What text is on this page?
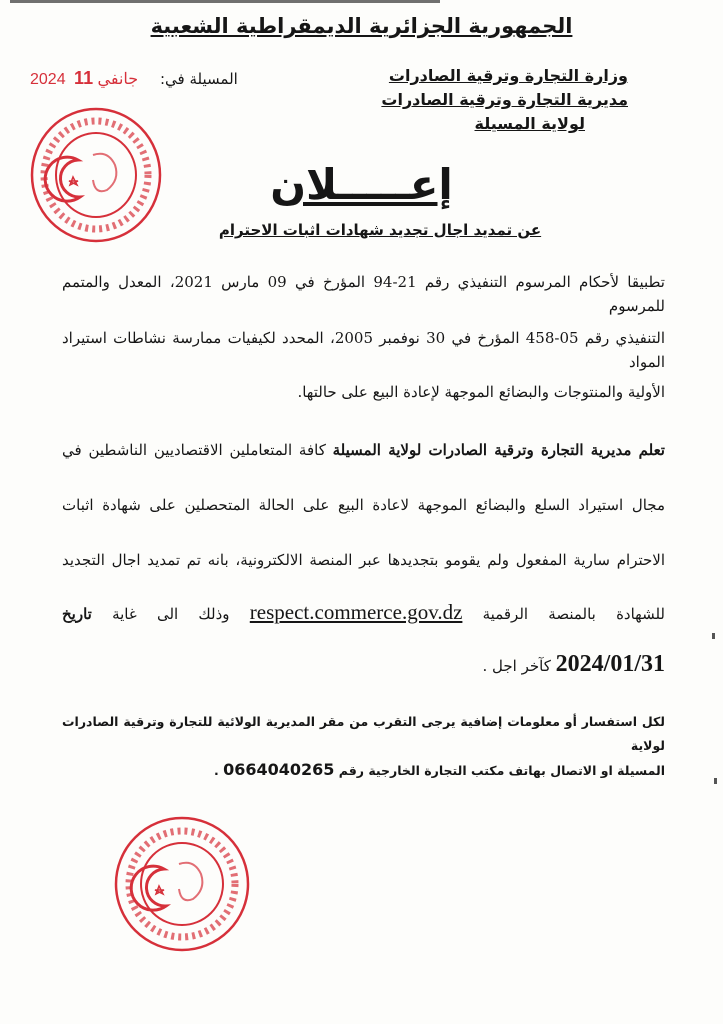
الجمهورية الجزائرية الديمقراطية الشعبية
وزارة التجارة وترقية الصادرات
مديرية التجارة وترقية الصادرات
لولاية المسيلة
المسيلة في:
2024 جانفي 11
إعـــــلان
عن تمديد اجال تجديد شهادات اثبات الاحترام
تطبيقا لأحكام المرسوم التنفيذي رقم 21-94 المؤرخ في 09 مارس 2021، المعدل والمتمم للمرسوم
التنفيذي رقم 05-458 المؤرخ في 30 نوفمبر 2005، المحدد لكيفيات ممارسة نشاطات استيراد المواد
الأولية والمنتوجات والبضائع الموجهة لإعادة البيع على حالتها.
تعلم مديرية التجارة وترقية الصادرات لولاية المسيلة كافة المتعاملين الاقتصاديين الناشطين في
مجال استيراد السلع والبضائع الموجهة لاعادة البيع على الحالة المتحصلين على شهادة اثبات
الاحترام سارية المفعول ولم يقومو بتجديدها عبر المنصة الالكترونية، بانه تم تمديد اجال التجديد
للشهادة بالمنصة الرقمية respect.commerce.gov.dz وذلك الى غاية تاريخ
2024/01/31 كآخر اجل .
لكل استفسار أو معلومات إضافية يرجى التقرب من مقر المديرية الولائية للتجارة وترقية الصادرات لولاية
المسيلة او الاتصال بهاتف مكتب التجارة الخارجية رقم 0664040265 .
